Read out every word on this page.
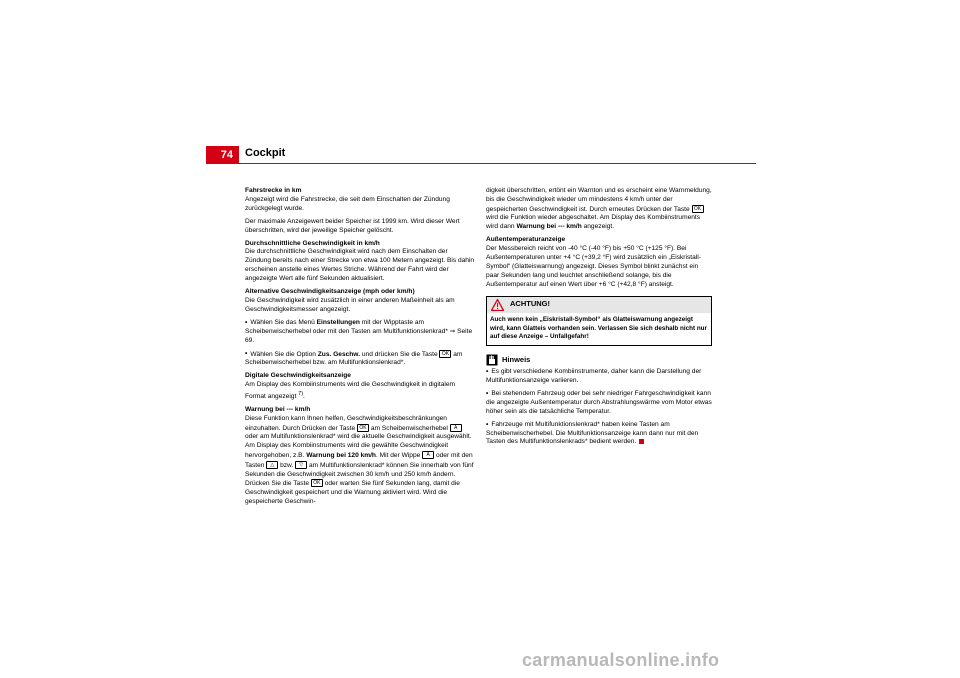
74	Cockpit
Fahrstrecke in km

Angezeigt wird die Fahrstrecke, die seit dem Einschalten der Zündung zurückgelegt wurde.

Der maximale Anzeigewert beider Speicher ist 1999 km. Wird dieser Wert überschritten, wird der jeweilige Speicher gelöscht.

Durchschnittliche Geschwindigkeit in km/h

Die durchschnittliche Geschwindigkeit wird nach dem Einschalten der Zündung bereits nach einer Strecke von etwa 100 Metern angezeigt. Bis dahin erscheinen anstelle eines Wertes Striche. Während der Fahrt wird der angezeigte Wert alle fünf Sekunden aktualisiert.

Alternative Geschwindigkeitsanzeige (mph oder km/h)

Die Geschwindigkeit wird zusätzlich in einer anderen Maßeinheit als am Geschwindigkeitsmesser angezeigt.

• Wählen Sie das Menü Einstellungen mit der Wipptaste am Scheibenwischerhebel oder mit den Tasten am Multifunktionslenkrad* ⇒ Seite 69.

• Wählen Sie die Option Zus. Geschw. und drücken Sie die Taste OK am Scheibenwischerhebel bzw. am Multifunktionslenkrad*.

Digitale Geschwindigkeitsanzeige

Am Display des Kombiinstruments wird die Geschwindigkeit in digitalem Format angezeigt $^{7)}$.

Warnung bei --- km/h

Diese Funktion kann Ihnen helfen, Geschwindigkeitsbeschränkungen einzuhalten. Durch Drücken der Taste OK am Scheibenwischerhebel A oder am Multifunktionslenkrad* wird die aktuelle Geschwindigkeit ausgewählt. Am Display des Kombiinstruments wird die gewählte Geschwindigkeit hervorgehoben, z.B. Warnung bei 120 km/h. Mit der Wippe A oder mit den Tasten △ bzw. ▽ am Multifunktionslenkrad* können Sie innerhalb von fünf Sekunden die Geschwindigkeit zwischen 30 km/h und 250 km/h ändern. Drücken Sie die Taste OK oder warten Sie fünf Sekunden lang, damit die Geschwindigkeit gespeichert und die Warnung aktiviert wird. Wird die gespeicherte Geschwin-

digkeit überschritten, ertönt ein Warnton und es erscheint eine Warnmeldung, bis die Geschwindigkeit wieder um mindestens 4 km/h unter der gespeicherten Geschwindigkeit ist. Durch erneutes Drücken der Taste OK wird die Funktion wieder abgeschaltet. Am Display des Kombiinstruments wird dann Warnung bei --- km/h angezeigt.

Außentemperaturanzeige

Der Messbereich reicht von -40 °C (-40 °F) bis +50 °C (+125 °F). Bei Außentemperaturen unter +4 °C (+39,2 °F) wird zusätzlich ein „Eiskristall-Symbol“ (Glatteiswarnung) angezeigt. Dieses Symbol blinkt zunächst ein paar Sekunden lang und leuchtet anschließend solange, bis die Außentemperatur auf einen Wert über +6 °C (+42,8 °F) ansteigt.

ACHTUNG!
Auch wenn kein „Eiskristall-Symbol“ als Glatteiswarnung angezeigt wird, kann Glatteis vorhanden sein. Verlassen Sie sich deshalb nicht nur auf diese Anzeige – Unfallgefahr!
Hinweis

• Es gibt verschiedene Kombiinstrumente, daher kann die Darstellung der Multifunktionsanzeige variieren.

• Bei stehendem Fahrzeug oder bei sehr niedriger Fahrgeschwindigkeit kann die angezeigte Außentemperatur durch Abstrahlungswärme vom Motor etwas höher sein als die tatsächliche Temperatur.

• Fahrzeuge mit Multifunktionslenkrad* haben keine Tasten am Scheibenwischerhebel. Die Multifunktionsanzeige kann dann nur mit den Tasten des Multifunktionslenkrads* bedient werden.

carmanualsonline.info
